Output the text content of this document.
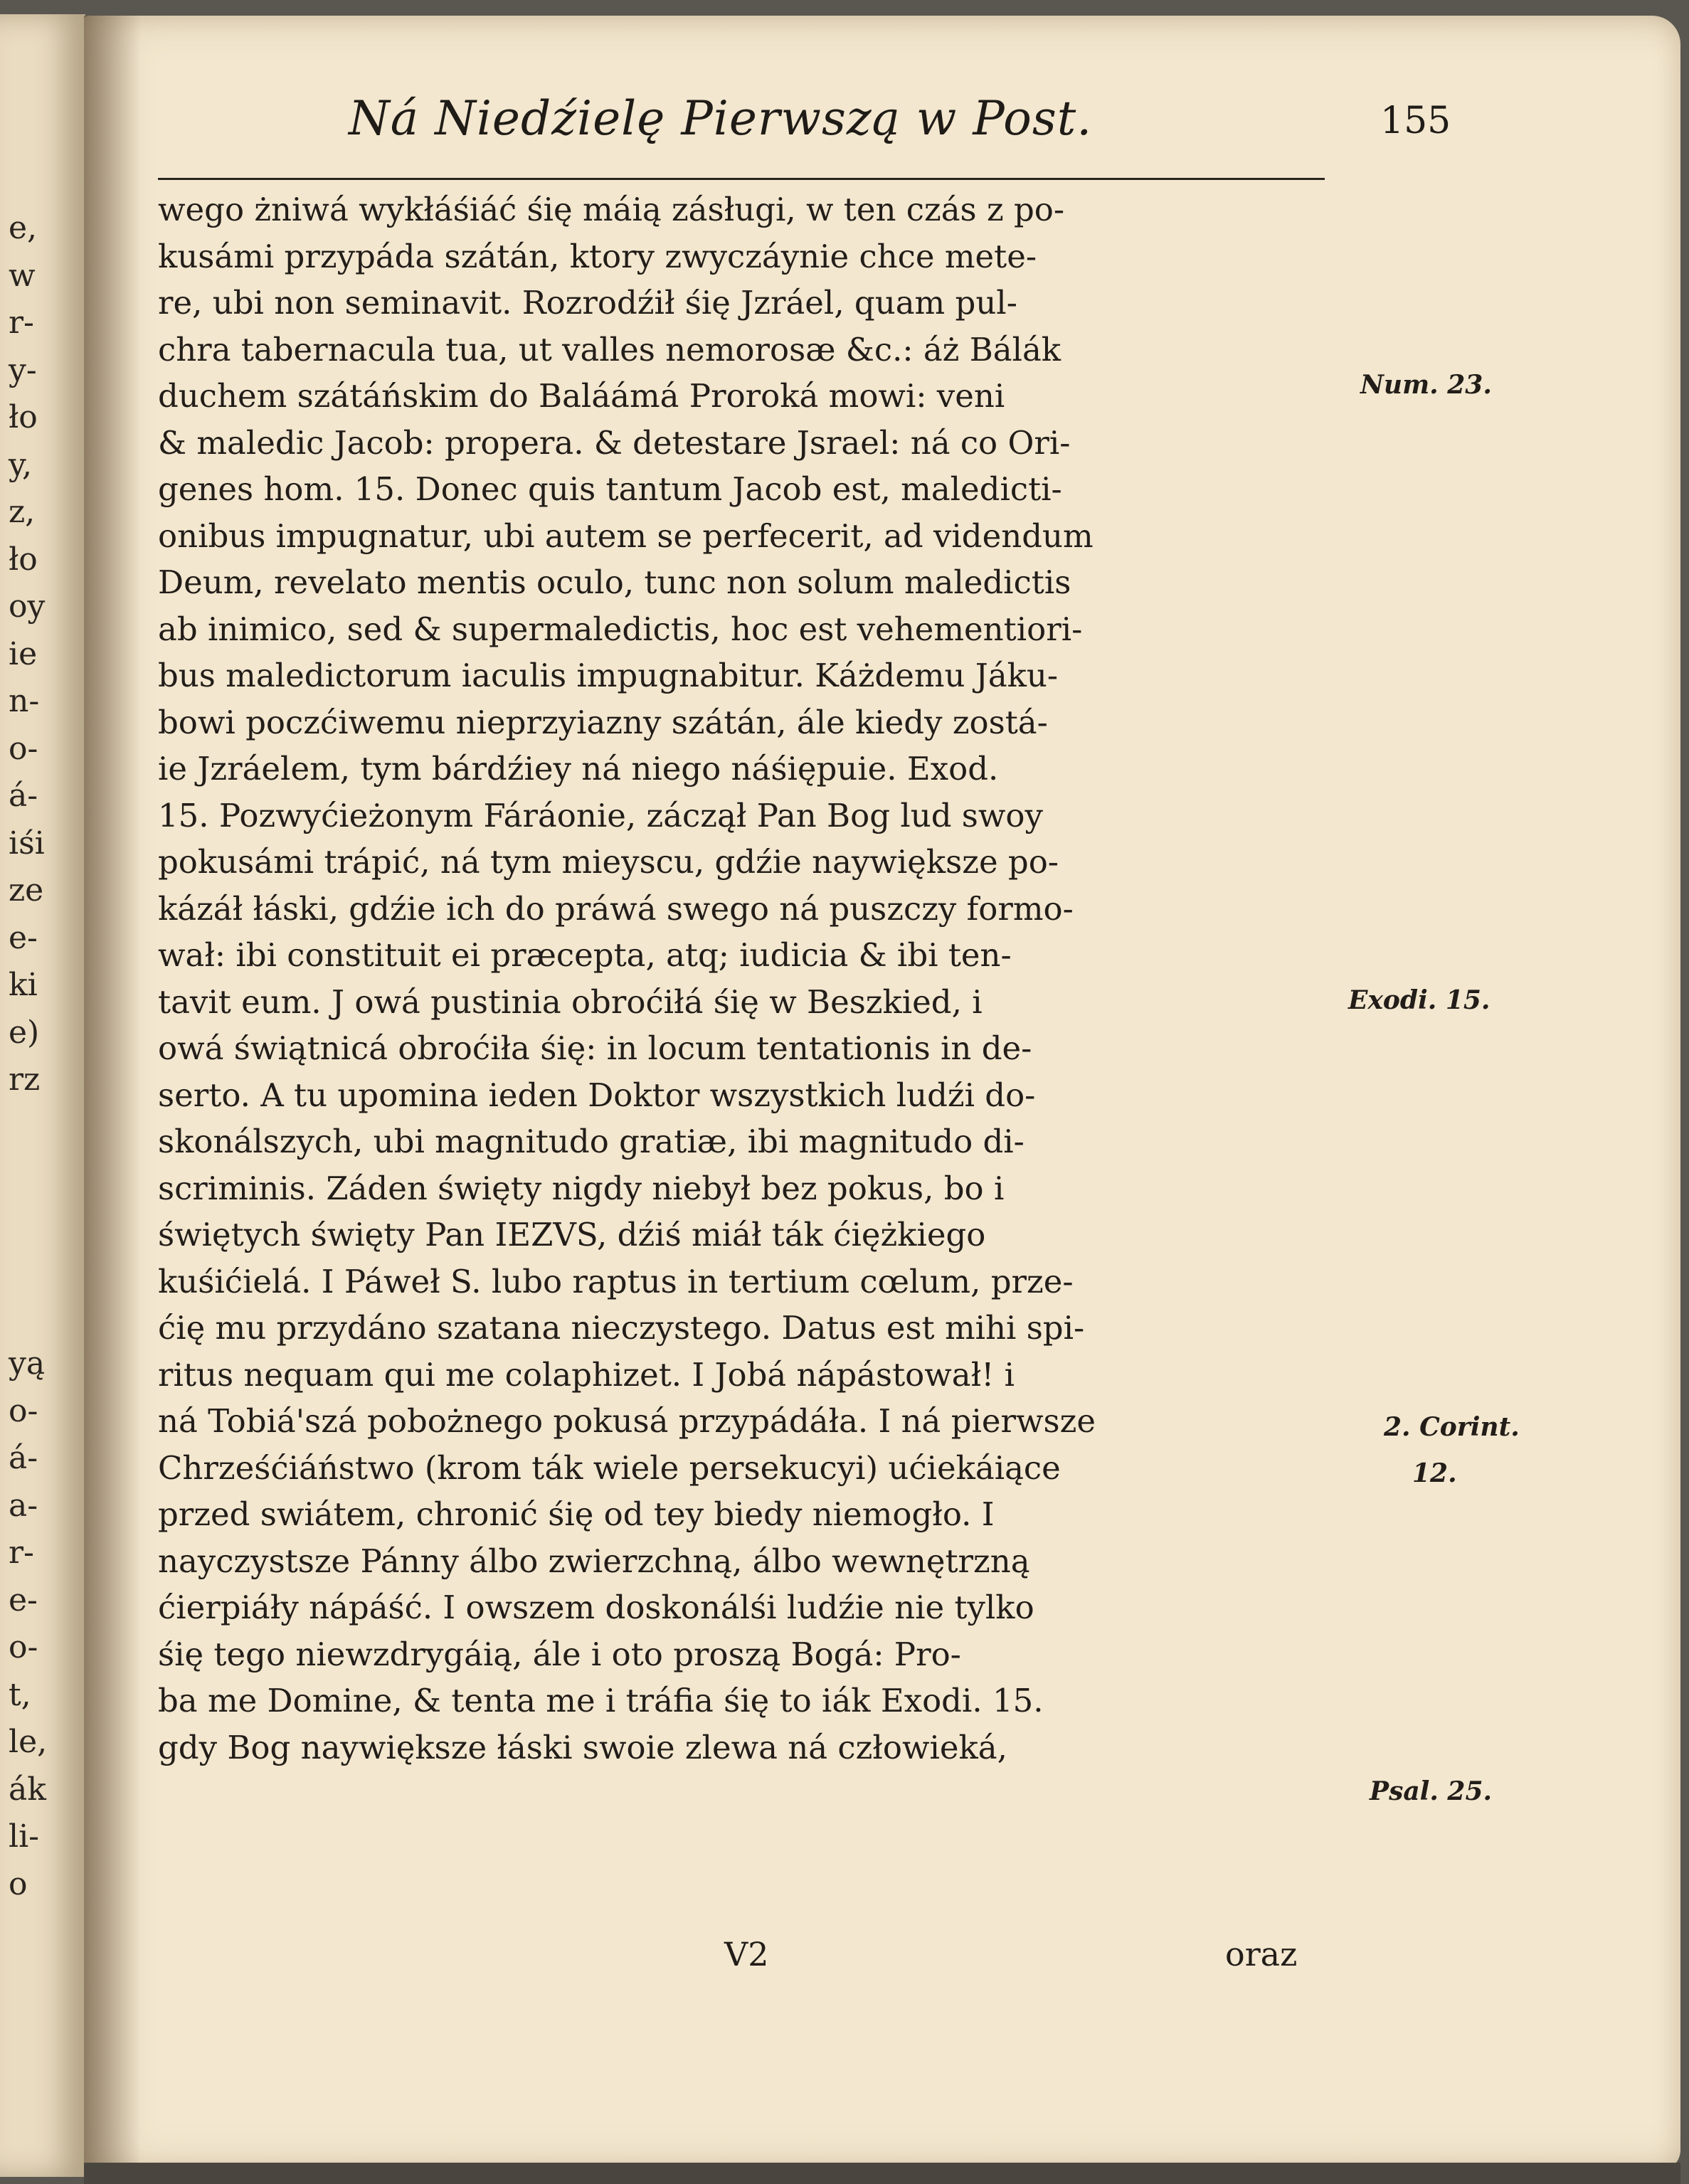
e,
w
r-
y-
ło
y,
z,
ło
oy
ie
n-
o-
á-
iśi
ze
e-
ki
e)
rz
yą
o-
á-
a-
r-
e-
o-
t,
le,
ák
li-
o
Ná Niedźielę Pierwszą w Post.	155
wego żniwá wykłáśiáć śię máią zásługi, w ten czás z po-
kusámi przypáda szátán, ktory zwyczáynie chce mete-
re, ubi non seminavit. Rozrodźił śię Jzráel, quam pul-
chra tabernacula tua, ut valles nemorosæ &c.: áż Bálák
duchem szátáńskim do Baláámá Proroká mowi: veni
& maledic Jacob: propera. & detestare Jsrael: ná co Ori-
genes hom. 15. Donec quis tantum Jacob est, maledicti-
onibus impugnatur, ubi autem se perfecerit, ad videndum
Deum, revelato mentis oculo, tunc non solum maledictis
ab inimico, sed & supermaledictis, hoc est vehementiori-
bus maledictorum iaculis impugnabitur. Káżdemu Jáku-
bowi poczćiwemu nieprzyiazny szátán, ále kiedy zostá-
ie Jzráelem, tym bárdźiey ná niego náśiępuie. Exod.
15. Pozwyćieżonym Fáráonie, záczął Pan Bog lud swoy
pokusámi trápić, ná tym mieyscu, gdźie naywiększe po-
kázáł łáski, gdźie ich do práwá swego ná puszczy formo-
wał: ibi constituit ei præcepta, atq; iudicia & ibi ten-
tavit eum. J owá pustinia obroćiłá śię w Beszkied, i
owá świątnicá obroćiła śię: in locum tentationis in de-
serto. A tu upomina ieden Doktor wszystkich ludźi do-
skonálszych, ubi magnitudo gratiæ, ibi magnitudo di-
scriminis. Záden święty nigdy niebył bez pokus, bo i
świętych święty Pan IEZVS, dźiś miáł ták ćiężkiego
kuśićielá. I Páweł S. lubo raptus in tertium cœlum, prze-
ćię mu przydáno szatana nieczystego. Datus est mihi spi-
ritus nequam qui me colaphizet. I Jobá nápástował! i
ná Tobiá'szá pobożnego pokusá przypádáła. I ná pierwsze
Chrześćiáństwo (krom ták wiele persekucyi) ućiekáiące
przed swiátem, chronić śię od tey biedy niemogło. I
nayczystsze Pánny álbo zwierzchną, álbo wewnętrzną
ćierpiáły nápáść. I owszem doskonálśi ludźie nie tylko
śię tego niewzdrygáią, ále i oto proszą Bogá: Pro-
ba me Domine, & tenta me i tráfia śię to iák Exodi. 15.
gdy Bog naywiększe łáski swoie zlewa ná człowieká,
Num. 23.
Exodi. 15.
2. Corint.
12.
Psal. 25.
V2	oraz
